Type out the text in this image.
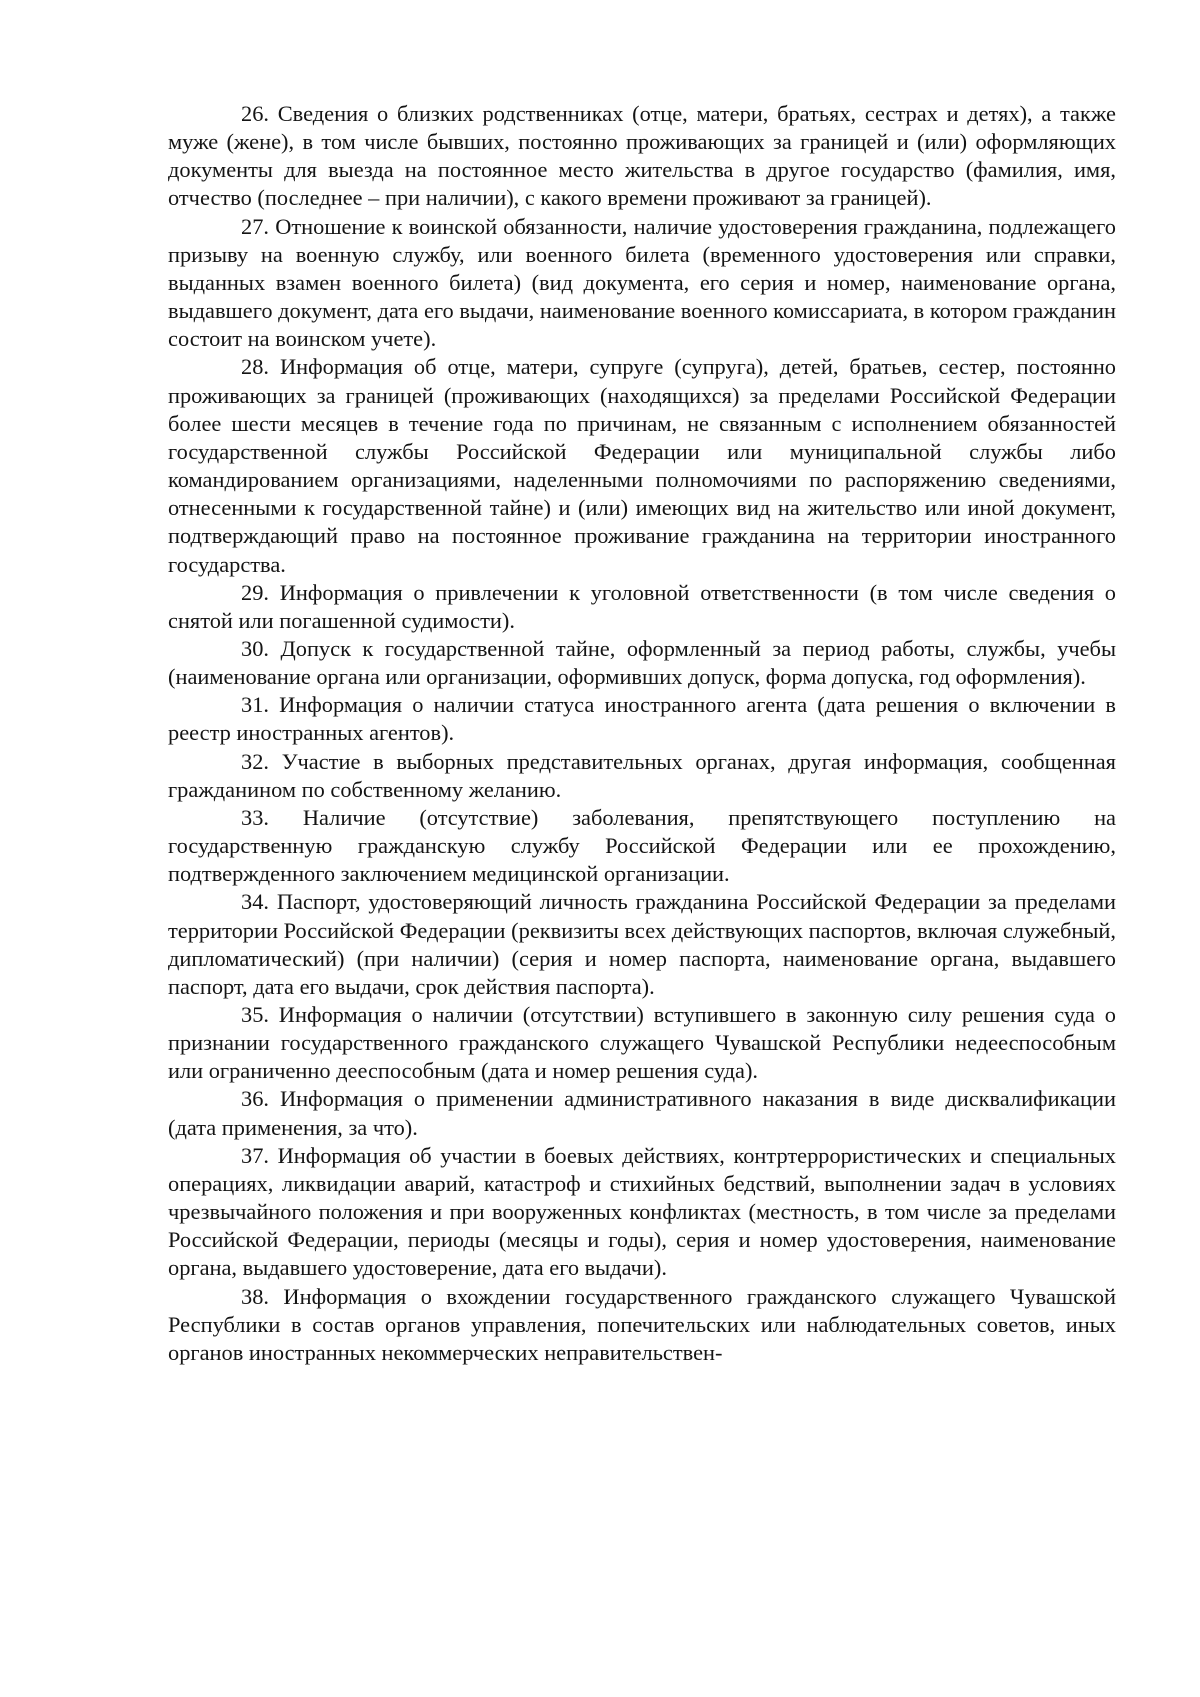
26. Сведения о близких родственниках (отце, матери, братьях, сестрах и детях), а также муже (жене), в том числе бывших, постоянно проживающих за границей и (или) оформляющих документы для выезда на постоянное место жительства в другое государство (фамилия, имя, отчество (последнее – при наличии), с какого времени проживают за границей).

27. Отношение к воинской обязанности, наличие удостоверения гражданина, подлежащего призыву на военную службу, или военного билета (временного удостоверения или справки, выданных взамен военного билета) (вид документа, его серия и номер, наименование органа, выдавшего документ, дата его выдачи, наименование военного комиссариата, в котором гражданин состоит на воинском учете).

28. Информация об отце, матери, супруге (супруга), детей, братьев, сестер, постоянно проживающих за границей (проживающих (находящихся) за пределами Российской Федерации более шести месяцев в течение года по причинам, не связанным с исполнением обязанностей государственной службы Российской Федерации или муниципальной службы либо командированием организациями, наделенными полномочиями по распоряжению сведениями, отнесенными к государственной тайне) и (или) имеющих вид на жительство или иной документ, подтверждающий право на постоянное проживание гражданина на территории иностранного государства.

29. Информация о привлечении к уголовной ответственности (в том числе сведения о снятой или погашенной судимости).

30. Допуск к государственной тайне, оформленный за период работы, службы, учебы (наименование органа или организации, оформивших допуск, форма допуска, год оформления).

31. Информация о наличии статуса иностранного агента (дата решения о включении в реестр иностранных агентов).

32. Участие в выборных представительных органах, другая информация, сообщенная гражданином по собственному желанию.

33. Наличие (отсутствие) заболевания, препятствующего поступлению на государственную гражданскую службу Российской Федерации или ее прохождению, подтвержденного заключением медицинской организации.

34. Паспорт, удостоверяющий личность гражданина Российской Федерации за пределами территории Российской Федерации (реквизиты всех действующих паспортов, включая служебный, дипломатический) (при наличии) (серия и номер паспорта, наименование органа, выдавшего паспорт, дата его выдачи, срок действия паспорта).

35. Информация о наличии (отсутствии) вступившего в законную силу решения суда о признании государственного гражданского служащего Чувашской Республики недееспособным или ограниченно дееспособным (дата и номер решения суда).

36. Информация о применении административного наказания в виде дисквалификации (дата применения, за что).

37. Информация об участии в боевых действиях, контртеррористических и специальных операциях, ликвидации аварий, катастроф и стихийных бедствий, выполнении задач в условиях чрезвычайного положения и при вооруженных конфликтах (местность, в том числе за пределами Российской Федерации, периоды (месяцы и годы), серия и номер удостоверения, наименование органа, выдавшего удостоверение, дата его выдачи).

38. Информация о вхождении государственного гражданского служащего Чувашской Республики в состав органов управления, попечительских или наблюдательных советов, иных органов иностранных некоммерческих неправительствен-
